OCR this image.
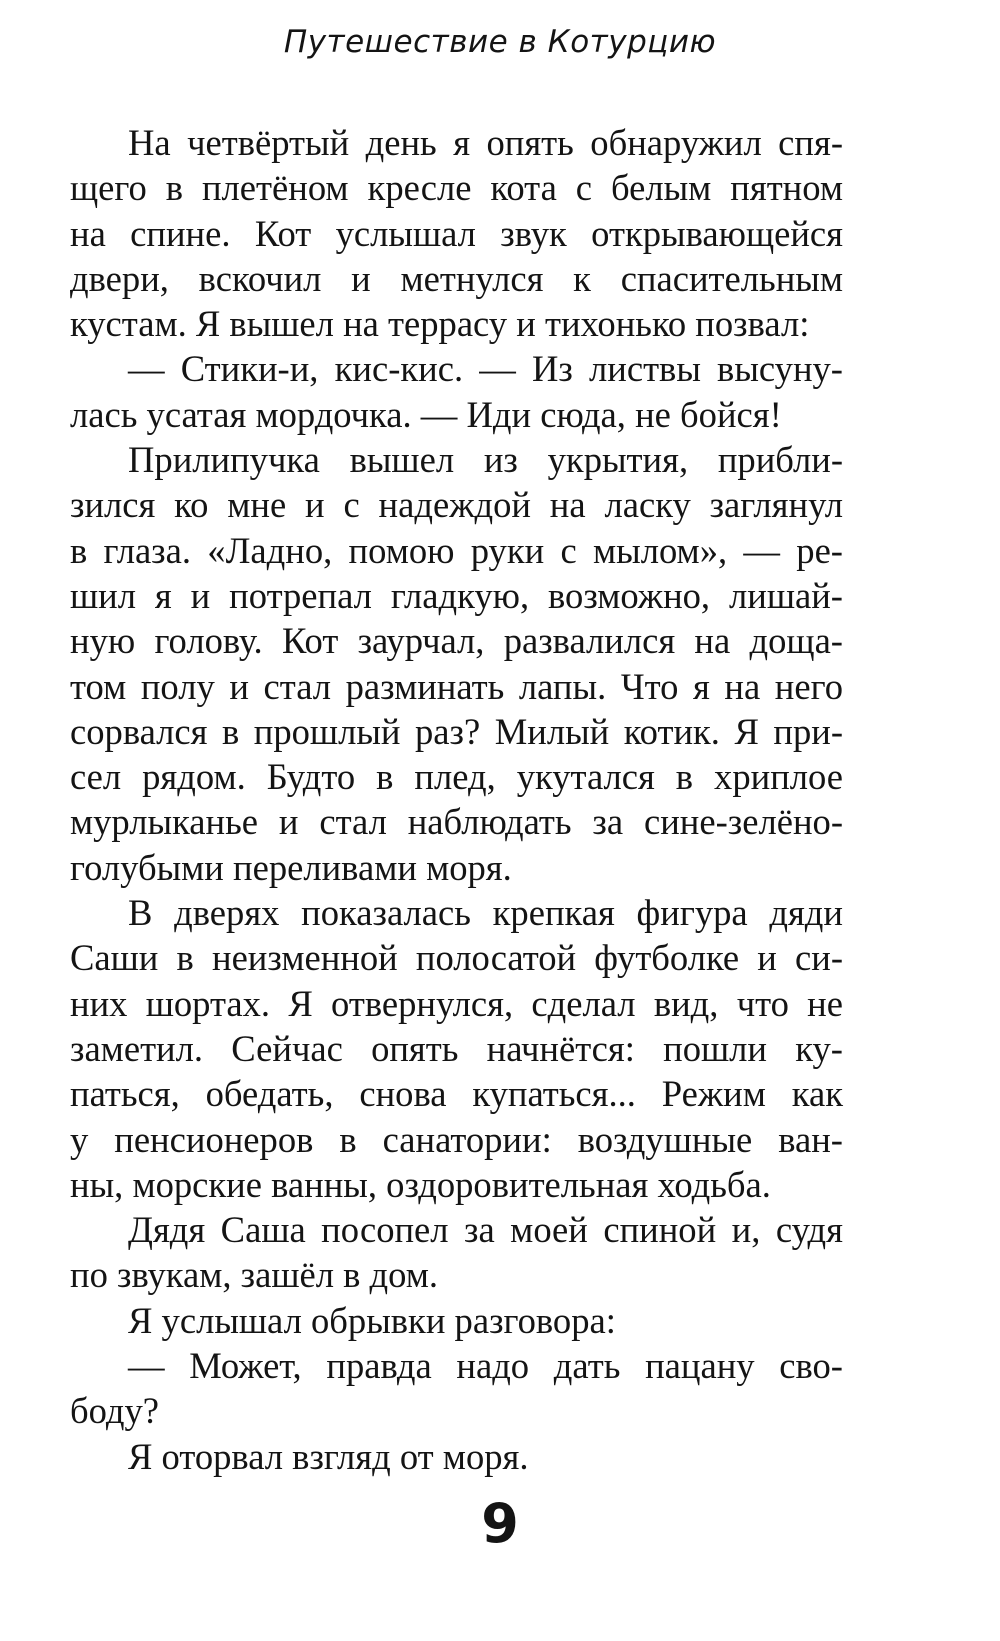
Путешествие в Котурцию
На четвёртый день я опять обнаружил спя-
щего в плетёном кресле кота с белым пятном
на спине. Кот услышал звук открывающейся
двери, вскочил и метнулся к спасительным
кустам. Я вышел на террасу и тихонько позвал:
— Стики-и, кис-кис. — Из листвы высуну-
лась усатая мордочка. — Иди сюда, не бойся!
Прилипучка вышел из укрытия, прибли-
зился ко мне и с надеждой на ласку заглянул
в глаза. «Ладно, помою руки с мылом», — ре-
шил я и потрепал гладкую, возможно, лишай-
ную голову. Кот заурчал, развалился на доща-
том полу и стал разминать лапы. Что я на него
сорвался в прошлый раз? Милый котик. Я при-
сел рядом. Будто в плед, укутался в хриплое
мурлыканье и стал наблюдать за сине-зелёно-
голубыми переливами моря.
В дверях показалась крепкая фигура дяди
Саши в неизменной полосатой футболке и си-
них шортах. Я отвернулся, сделал вид, что не
заметил. Сейчас опять начнётся: пошли ку-
паться, обедать, снова купаться... Режим как
у пенсионеров в санатории: воздушные ван-
ны, морские ванны, оздоровительная ходьба.
Дядя Саша посопел за моей спиной и, судя
по звукам, зашёл в дом.
Я услышал обрывки разговора:
— Может, правда надо дать пацану сво-
боду?
Я оторвал взгляд от моря.
9
